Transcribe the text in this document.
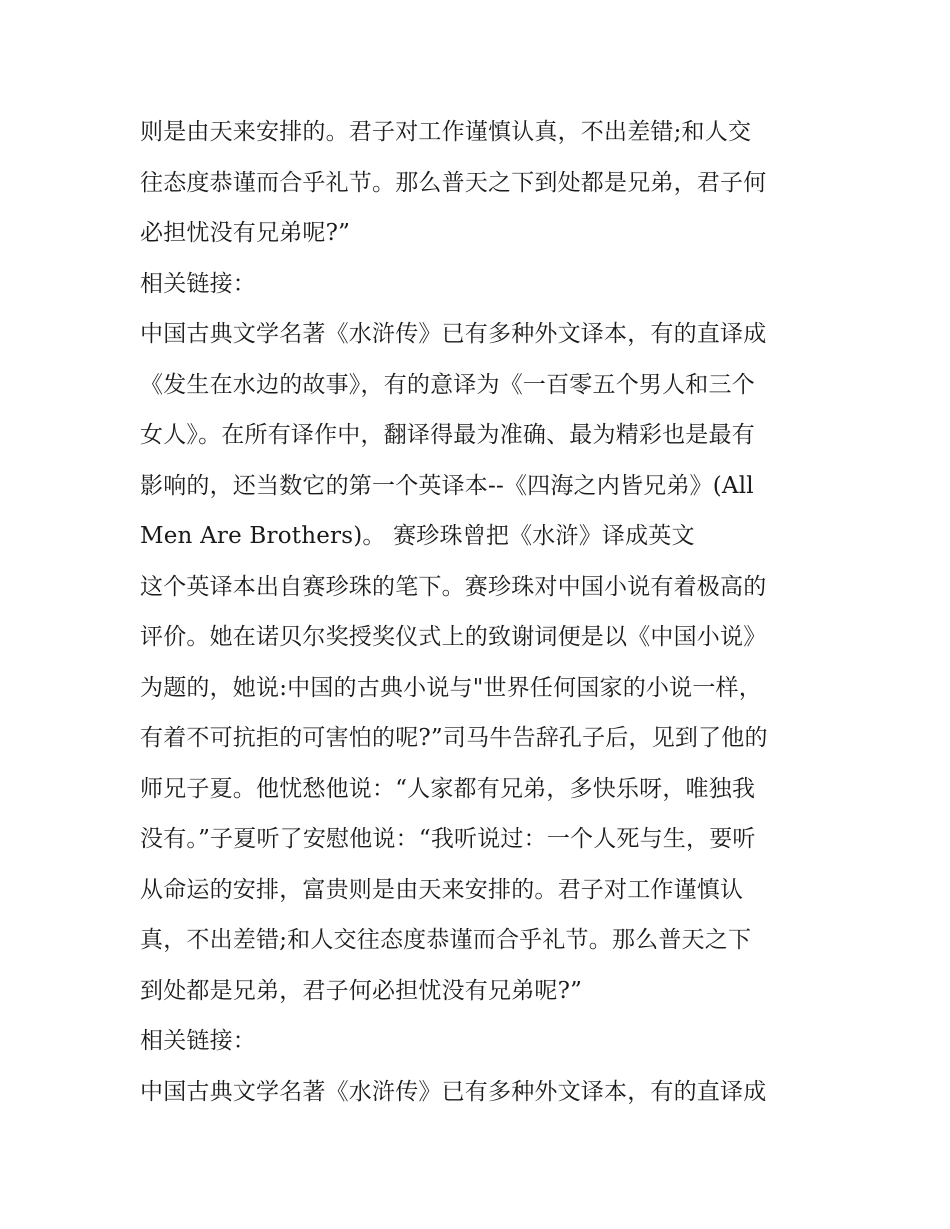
则是由天来安排的。君子对工作谨慎认真，不出差错;和人交
往态度恭谨而合乎礼节。那么普天之下到处都是兄弟，君子何
必担忧没有兄弟呢?”
相关链接：
中国古典文学名著《水浒传》已有多种外文译本，有的直译成
《发生在水边的故事》，有的意译为《一百零五个男人和三个
女人》。在所有译作中，翻译得最为准确、最为精彩也是最有
影响的，还当数它的第一个英译本--《四海之内皆兄弟》(All
Men Are Brothers)。 赛珍珠曾把《水浒》译成英文
这个英译本出自赛珍珠的笔下。赛珍珠对中国小说有着极高的
评价。她在诺贝尔奖授奖仪式上的致谢词便是以《中国小说》
为题的，她说:中国的古典小说与"世界任何国家的小说一样，
有着不可抗拒的可害怕的呢?”司马牛告辞孔子后，见到了他的
师兄子夏。他忧愁他说：“人家都有兄弟，多快乐呀，唯独我
没有。”子夏听了安慰他说：“我听说过：一个人死与生，要听
从命运的安排，富贵则是由天来安排的。君子对工作谨慎认
真，不出差错;和人交往态度恭谨而合乎礼节。那么普天之下
到处都是兄弟，君子何必担忧没有兄弟呢?”
相关链接：
中国古典文学名著《水浒传》已有多种外文译本，有的直译成
